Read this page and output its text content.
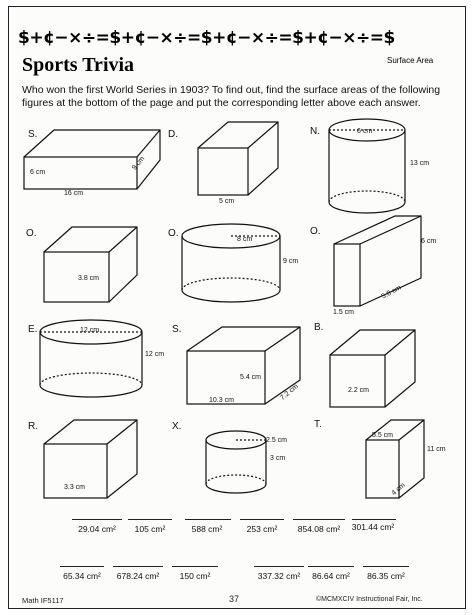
$+¢−×÷=$+¢−×÷=$+¢−×÷=$+¢−×÷=$
Sports Trivia	Surface Area
Who won the first World Series in 1903? To find out, find the surface areas of the following figures at the bottom of the page and put the corresponding letter above each answer.
S.	D.	N.
O.	O.	O.
E.	S.	B.
R.	X.	T.
6 cm
9 cm
16 cm
5 cm
6 cm
13 cm
3.8 cm
8 cm
9 cm
6 cm
5.8 cm
1.5 cm
12 cm
12 cm
5.4 cm
10.3 cm	7.2 cm	2.2 cm
3.3 cm
2.5 cm
3 cm
5.5 cm
11 cm
4 cm
29.04 cm²	105 cm²	588 cm²	253 cm²	854.08 cm²	301.44 cm²
65.34 cm²	678.24 cm²	150 cm²	337.32 cm²	86.64 cm²	86.35 cm²
Math IF5117	37	©MCMXCIV Instructional Fair, Inc.
